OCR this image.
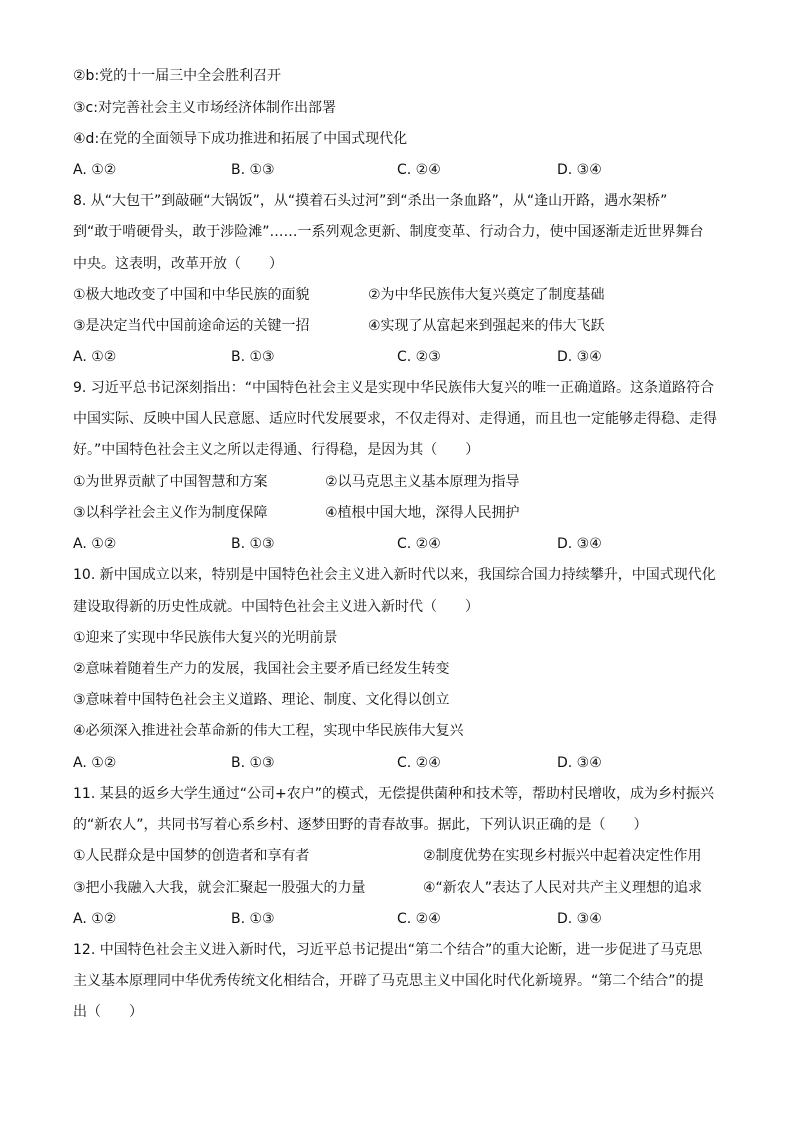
②b:党的十一届三中全会胜利召开
③c:对完善社会主义市场经济体制作出部署
④d:在党的全面领导下成功推进和拓展了中国式现代化
A. ①②	B. ①③	C. ②④	D. ③④
8. 从“大包干”到敲砸“大锅饭”，从“摸着石头过河”到“杀出一条血路”，从“逢山开路，遇水架桥”
到“敢于啃硬骨头，敢于涉险滩”……一系列观念更新、制度变革、行动合力，使中国逐渐走近世界舞台
中央。这表明，改革开放（　　）
①极大地改变了中国和中华民族的面貌	②为中华民族伟大复兴奠定了制度基础
③是决定当代中国前途命运的关键一招	④实现了从富起来到强起来的伟大飞跃
A. ①②	B. ①③	C. ②③	D. ③④
9. 习近平总书记深刻指出：“中国特色社会主义是实现中华民族伟大复兴的唯一正确道路。这条道路符合
中国实际、反映中国人民意愿、适应时代发展要求，不仅走得对、走得通，而且也一定能够走得稳、走得
好。”中国特色社会主义之所以走得通、行得稳，是因为其（　　）
①为世界贡献了中国智慧和方案	②以马克思主义基本原理为指导
③以科学社会主义作为制度保障	④植根中国大地，深得人民拥护
A. ①②	B. ①③	C. ②④	D. ③④
10. 新中国成立以来，特别是中国特色社会主义进入新时代以来，我国综合国力持续攀升，中国式现代化
建设取得新的历史性成就。中国特色社会主义进入新时代（　　）
①迎来了实现中华民族伟大复兴的光明前景
②意味着随着生产力的发展，我国社会主要矛盾已经发生转变
③意味着中国特色社会主义道路、理论、制度、文化得以创立
④必须深入推进社会革命新的伟大工程，实现中华民族伟大复兴
A. ①②	B. ①③	C. ②④	D. ③④
11. 某县的返乡大学生通过“公司+农户”的模式，无偿提供菌种和技术等，帮助村民增收，成为乡村振兴
的“新农人”，共同书写着心系乡村、逐梦田野的青春故事。据此，下列认识正确的是（　　）
①人民群众是中国梦的创造者和享有者	②制度优势在实现乡村振兴中起着决定性作用
③把小我融入大我，就会汇聚起一股强大的力量	④“新农人”表达了人民对共产主义理想的追求
A. ①②	B. ①③	C. ②④	D. ③④
12. 中国特色社会主义进入新时代，习近平总书记提出“第二个结合”的重大论断，进一步促进了马克思
主义基本原理同中华优秀传统文化相结合，开辟了马克思主义中国化时代化新境界。“第二个结合”的提
出（　　）
